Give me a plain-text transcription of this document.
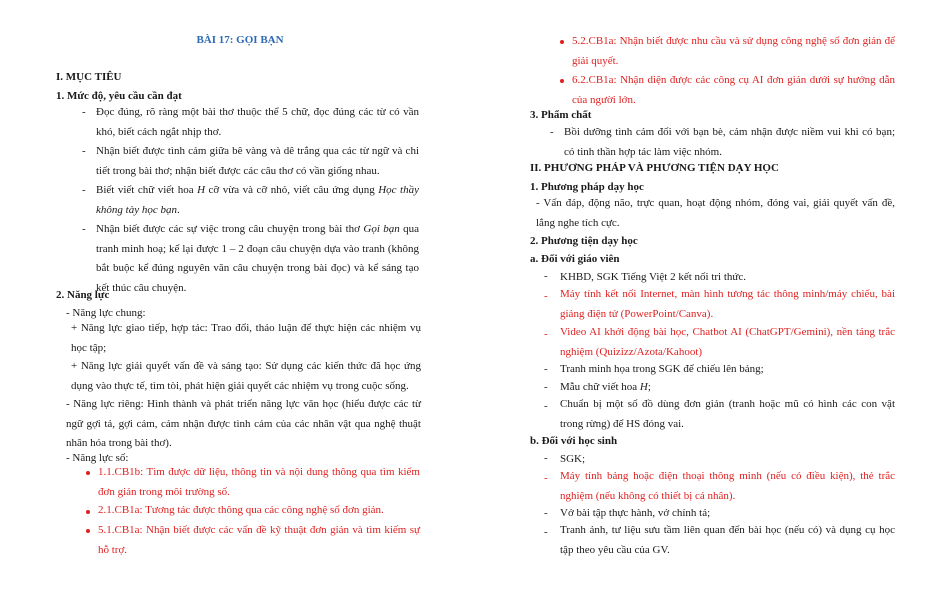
BÀI 17: GỌI BẠN
I. MỤC TIÊU
1. Mức độ, yêu cầu cần đạt
- Đọc đúng, rõ ràng một bài thơ thuộc thể 5 chữ, đọc đúng các từ có vần khó, biết cách ngắt nhịp thơ.
- Nhận biết được tình cảm giữa bê vàng và dê trắng qua các từ ngữ và chi tiết trong bài thơ; nhận biết được các câu thơ có vần giống nhau.
- Biết viết chữ viết hoa H cỡ vừa và cỡ nhỏ, viết câu ứng dụng Học thầy không tày học bạn.
- Nhận biết được các sự việc trong câu chuyện trong bài thơ Gọi bạn qua tranh minh hoạ; kể lại được 1 – 2 đoạn câu chuyện dựa vào tranh (không bắt buộc kể đúng nguyên văn câu chuyện trong bài đọc) và kể sáng tạo kết thúc câu chuyện.
2. Năng lực
- Năng lực chung:
+ Năng lực giao tiếp, hợp tác: Trao đổi, thảo luận để thực hiện các nhiệm vụ học tập;
+ Năng lực giải quyết vấn đề và sáng tạo: Sử dụng các kiến thức đã học ứng dụng vào thực tế, tìm tòi, phát hiện giải quyết các nhiệm vụ trong cuộc sống.
- Năng lực riêng: Hình thành và phát triển năng lực văn học (hiểu được các từ ngữ gợi tả, gợi cảm, cảm nhận được tình cảm của các nhân vật qua nghệ thuật nhân hóa trong bài thơ).
- Năng lực số:
1.1.CB1b: Tìm được dữ liệu, thông tin và nội dung thông qua tìm kiếm đơn giản trong môi trường số.
2.1.CB1a: Tương tác được thông qua các công nghệ số đơn giản.
5.1.CB1a: Nhận biết được các vấn đề kỹ thuật đơn giản và tìm kiếm sự hỗ trợ.
5.2.CB1a: Nhận biết được nhu cầu và sử dụng công nghệ số đơn giản để giải quyết.
6.2.CB1a: Nhận diện được các công cụ AI đơn giản dưới sự hướng dẫn của người lớn.
3. Phẩm chất
- Bồi dưỡng tình cảm đối với bạn bè, cảm nhận được niềm vui khi có bạn; có tinh thần hợp tác làm việc nhóm.
II. PHƯƠNG PHÁP VÀ PHƯƠNG TIỆN DẠY HỌC
1. Phương pháp dạy học
- Vấn đáp, động não, trực quan, hoạt động nhóm, đóng vai, giải quyết vấn đề, lắng nghe tích cực.
2. Phương tiện dạy học
a. Đối với giáo viên
- KHBD, SGK Tiếng Việt 2 kết nối tri thức.
- Máy tính kết nối Internet, màn hình tương tác thông minh/máy chiếu, bài giảng điện tử (PowerPoint/Canva).
- Video AI khởi động bài học, Chatbot AI (ChatGPT/Gemini), nền tảng trắc nghiệm (Quizizz/Azota/Kahoot)
- Tranh minh họa trong SGK để chiếu lên bảng;
- Mẫu chữ viết hoa H;
- Chuẩn bị một số đồ dùng đơn giản (tranh hoặc mũ có hình các con vật trong rừng) để HS đóng vai.
b. Đối với học sinh
- SGK;
- Máy tính bảng hoặc điện thoại thông minh (nếu có điều kiện), thẻ trắc nghiệm (nếu không có thiết bị cá nhân).
- Vở bài tập thực hành, vở chính tả;
- Tranh ảnh, tư liệu sưu tầm liên quan đến bài học (nếu có) và dụng cụ học tập theo yêu cầu của GV.
